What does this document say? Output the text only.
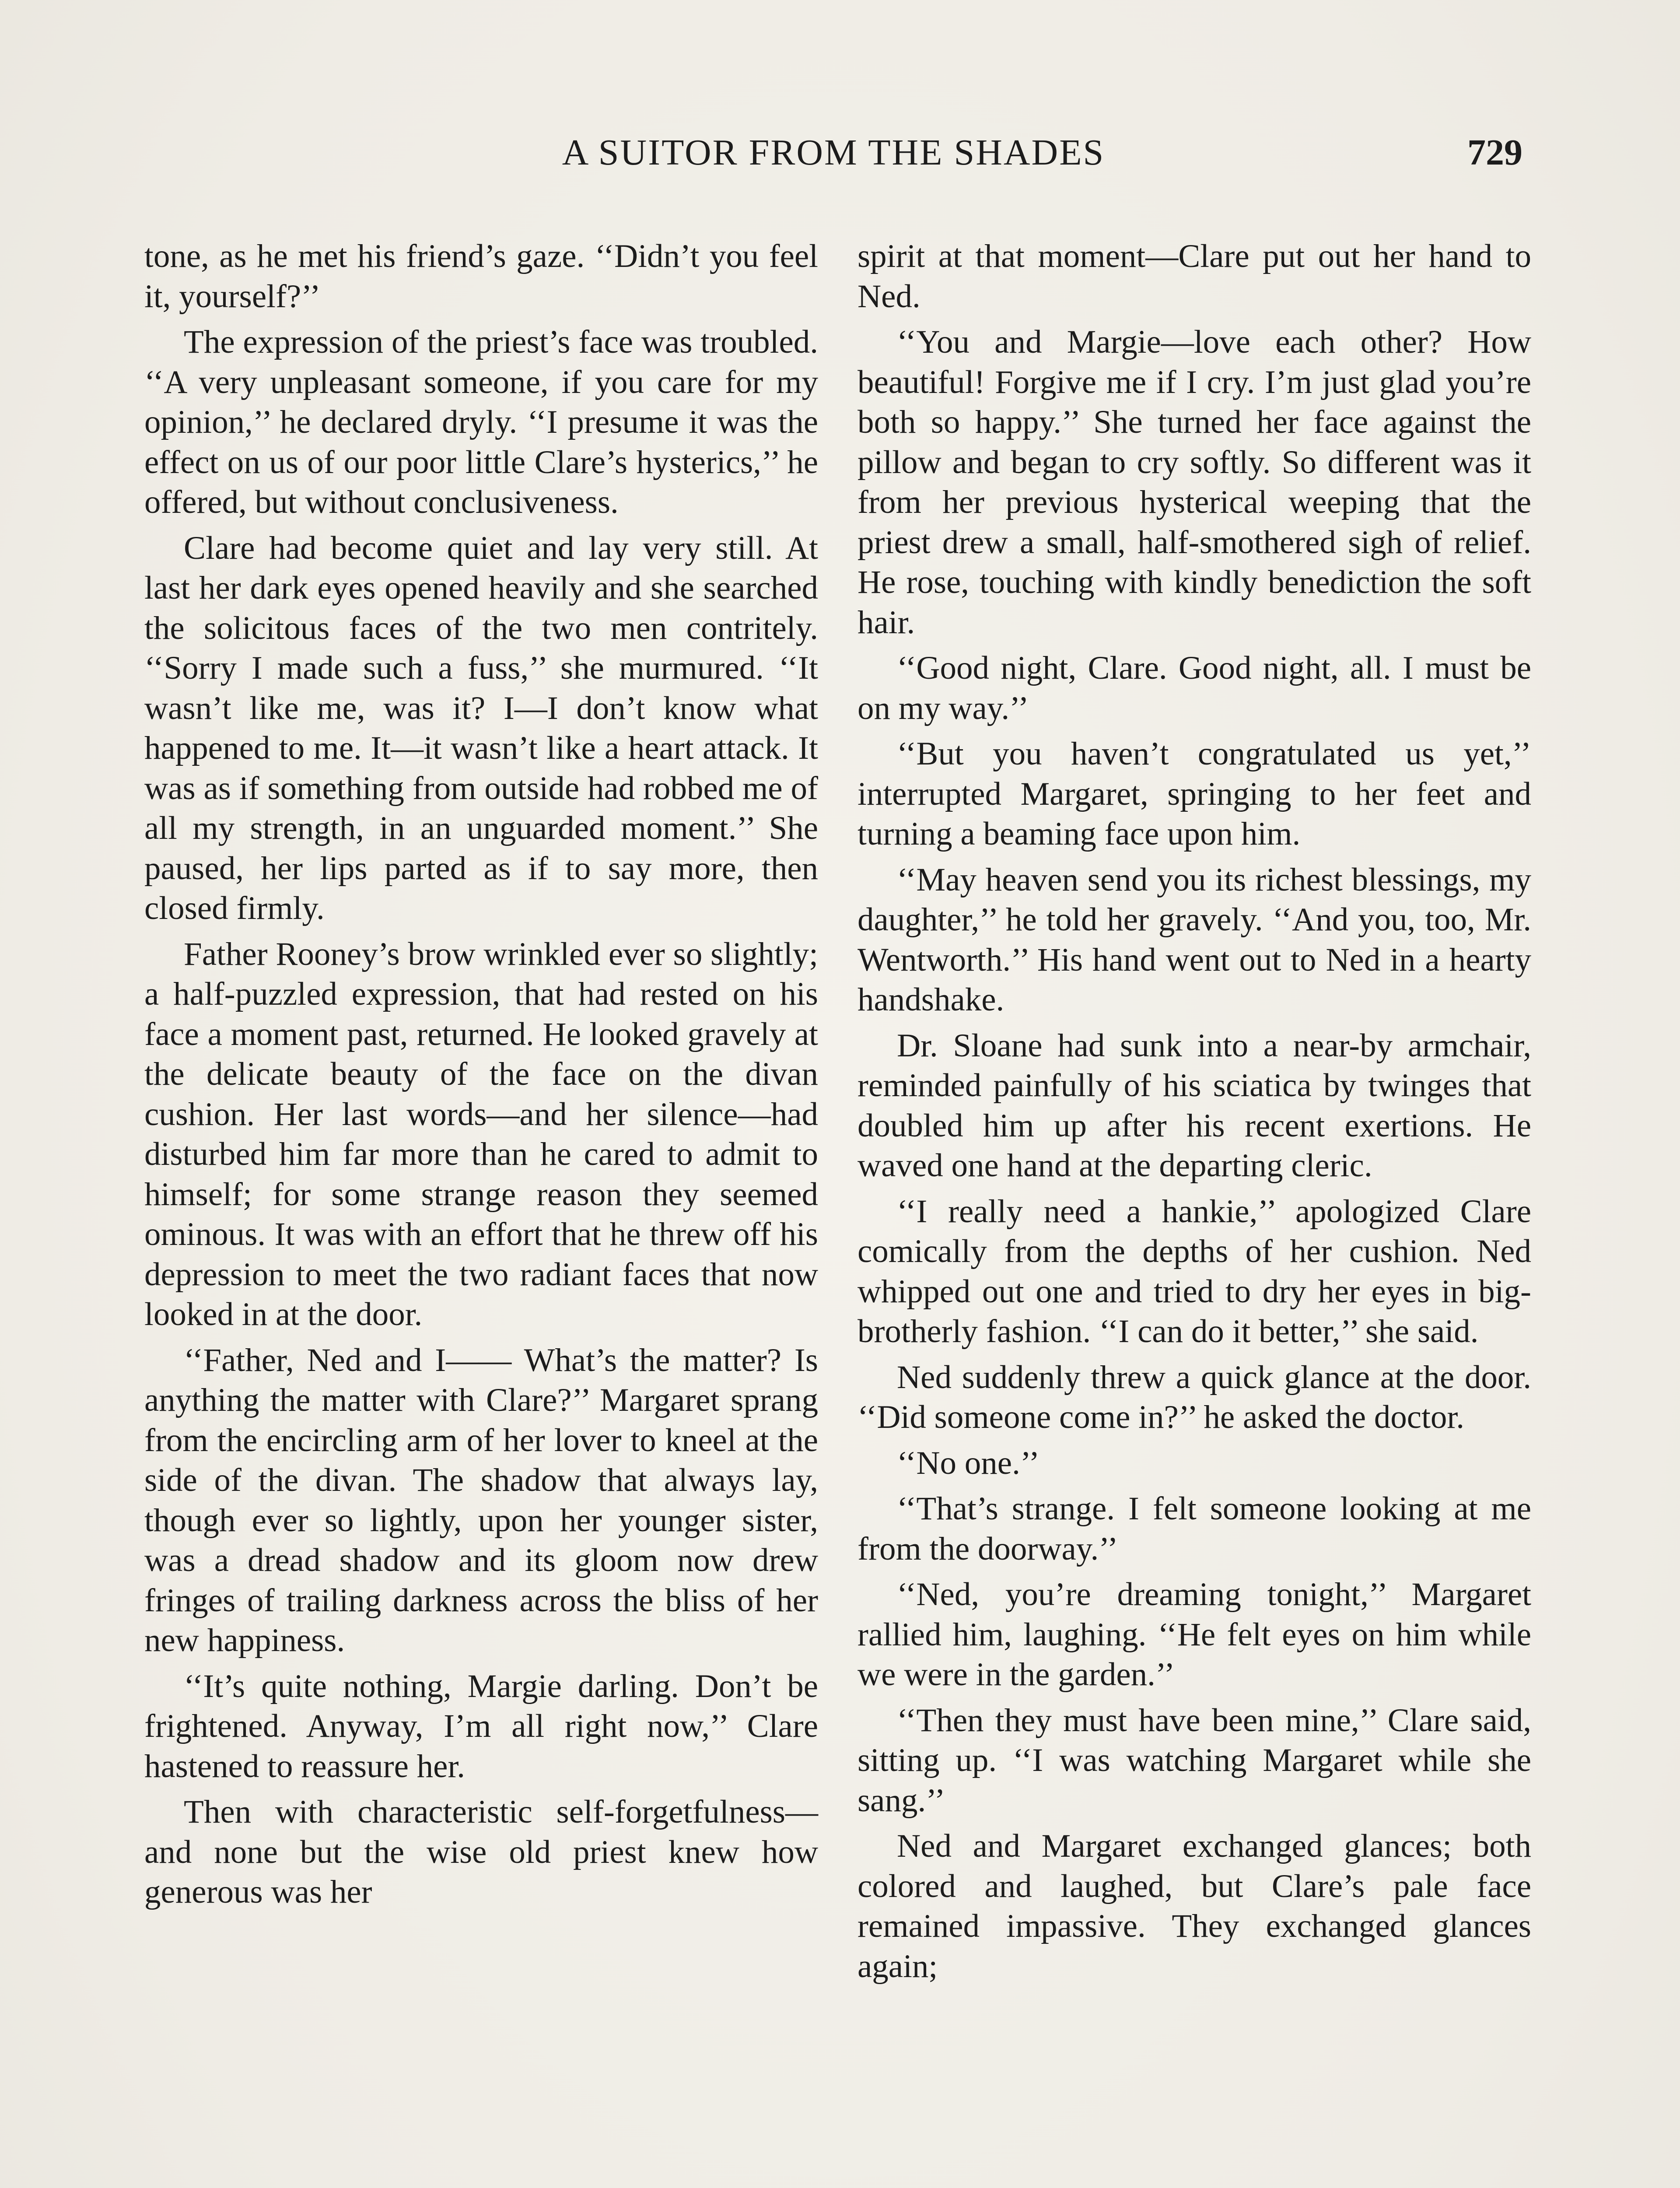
A SUITOR FROM THE SHADES	729

tone, as he met his friend’s gaze. ‘‘Didn’t you feel it, yourself?’’

The expression of the priest’s face was troubled. ‘‘A very unpleasant someone, if you care for my opinion,’’ he declared dryly. ‘‘I presume it was the effect on us of our poor little Clare’s hysterics,’’ he offered, but without conclusiveness.

Clare had become quiet and lay very still. At last her dark eyes opened heavily and she searched the solicitous faces of the two men contritely. ‘‘Sorry I made such a fuss,’’ she murmured. ‘‘It wasn’t like me, was it? I—I don’t know what happened to me. It—it wasn’t like a heart attack. It was as if something from outside had robbed me of all my strength, in an unguarded moment.’’ She paused, her lips parted as if to say more, then closed firmly.

Father Rooney’s brow wrinkled ever so slightly; a half-puzzled expression, that had rested on his face a moment past, returned. He looked gravely at the delicate beauty of the face on the divan cushion. Her last words—and her silence—had disturbed him far more than he cared to admit to himself; for some strange reason they seemed ominous. It was with an effort that he threw off his depression to meet the two radiant faces that now looked in at the door.

‘‘Father, Ned and I—— What’s the matter? Is anything the matter with Clare?’’ Margaret sprang from the encircling arm of her lover to kneel at the side of the divan. The shadow that always lay, though ever so lightly, upon her younger sister, was a dread shadow and its gloom now drew fringes of trailing darkness across the bliss of her new happiness.

‘‘It’s quite nothing, Margie darling. Don’t be frightened. Anyway, I’m all right now,’’ Clare hastened to reassure her.

Then with characteristic self-forgetfulness—and none but the wise old priest knew how generous was her

spirit at that moment—Clare put out her hand to Ned.

‘‘You and Margie—love each other? How beautiful! Forgive me if I cry. I’m just glad you’re both so happy.’’ She turned her face against the pillow and began to cry softly. So different was it from her previous hysterical weeping that the priest drew a small, half-smothered sigh of relief. He rose, touching with kindly benediction the soft hair.

‘‘Good night, Clare. Good night, all. I must be on my way.’’

‘‘But you haven’t congratulated us yet,’’ interrupted Margaret, springing to her feet and turning a beaming face upon him.

‘‘May heaven send you its richest blessings, my daughter,’’ he told her gravely. ‘‘And you, too, Mr. Wentworth.’’ His hand went out to Ned in a hearty handshake.

Dr. Sloane had sunk into a near-by armchair, reminded painfully of his sciatica by twinges that doubled him up after his recent exertions. He waved one hand at the departing cleric.

‘‘I really need a hankie,’’ apologized Clare comically from the depths of her cushion. Ned whipped out one and tried to dry her eyes in big-brotherly fashion. ‘‘I can do it better,’’ she said.

Ned suddenly threw a quick glance at the door. ‘‘Did someone come in?’’ he asked the doctor.

‘‘No one.’’

‘‘That’s strange. I felt someone looking at me from the doorway.’’

‘‘Ned, you’re dreaming tonight,’’ Margaret rallied him, laughing. ‘‘He felt eyes on him while we were in the garden.’’

‘‘Then they must have been mine,’’ Clare said, sitting up. ‘‘I was watching Margaret while she sang.’’

Ned and Margaret exchanged glances; both colored and laughed, but Clare’s pale face remained impassive. They exchanged glances again;
